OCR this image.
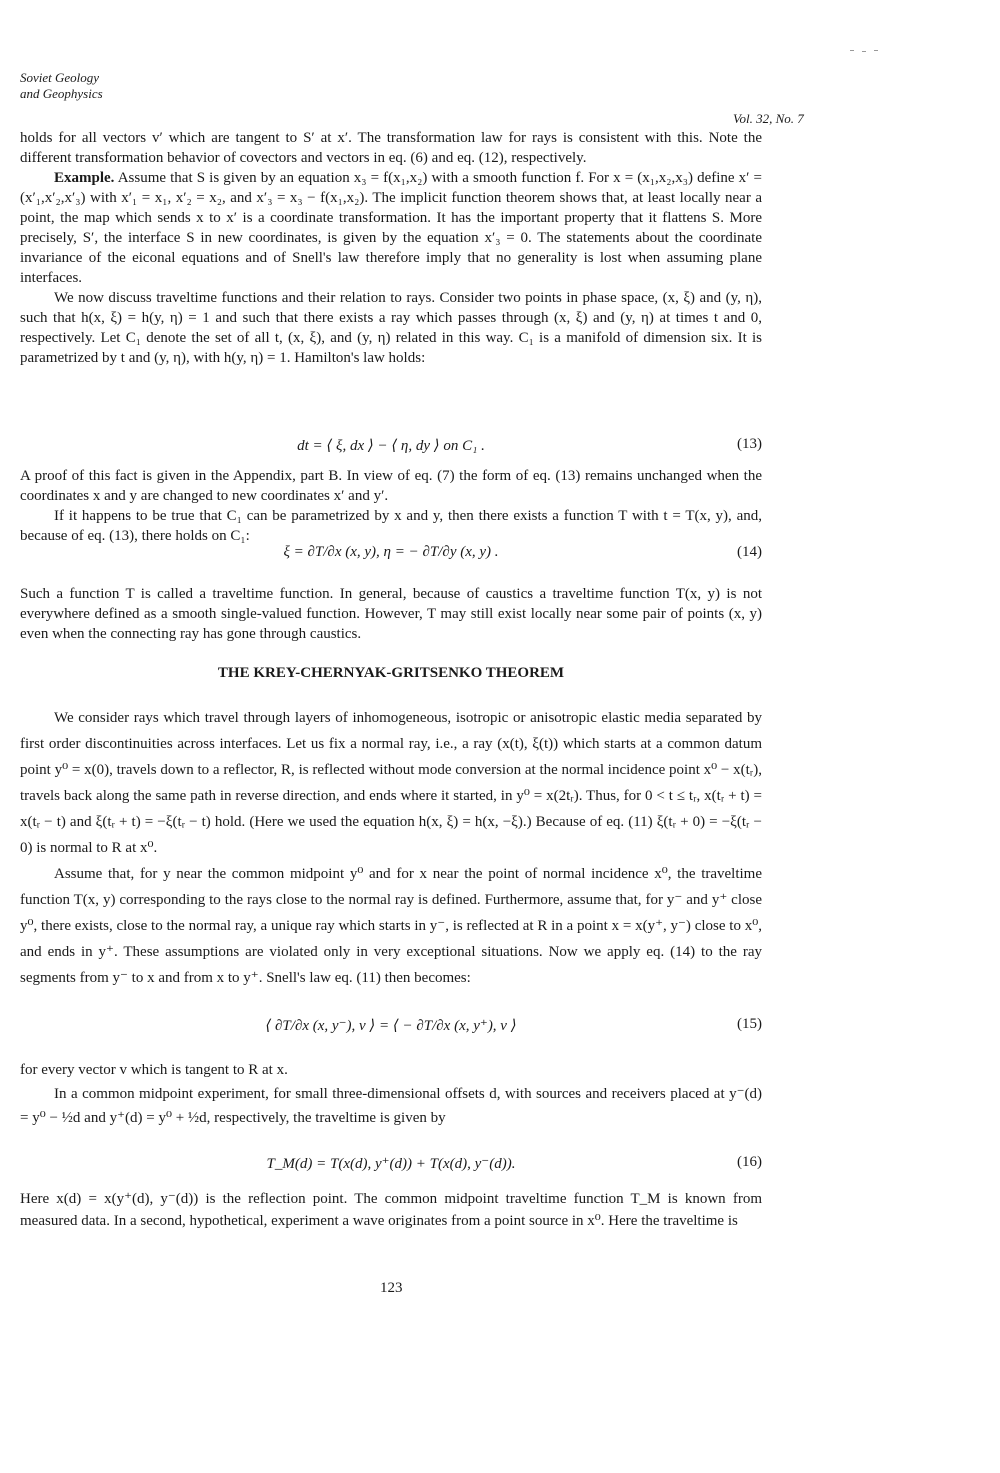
Soviet Geology
and Geophysics
Vol. 32, No. 7

holds for all vectors v′ which are tangent to S′ at x′. The transformation law for rays is consistent with this. Note the different transformation behavior of covectors and vectors in eq. (6) and eq. (12), respectively.

Example. Assume that S is given by an equation x₃ = f(x₁,x₂) with a smooth function f. For x = (x₁,x₂,x₃) define x′ = (x′₁,x′₂,x′₃) with x′₁ = x₁, x′₂ = x₂, and x′₃ = x₃ − f(x₁,x₂). The implicit function theorem shows that, at least locally near a point, the map which sends x to x′ is a coordinate transformation. It has the important property that it flattens S. More precisely, S′, the interface S in new coordinates, is given by the equation x′₃ = 0. The statements about the coordinate invariance of the eiconal equations and of Snell's law therefore imply that no generality is lost when assuming plane interfaces.

We now discuss traveltime functions and their relation to rays. Consider two points in phase space, (x, ξ) and (y, η), such that h(x, ξ) = h(y, η) = 1 and such that there exists a ray which passes through (x, ξ) and (y, η) at times t and 0, respectively. Let C₁ denote the set of all t, (x, ξ), and (y, η) related in this way. C₁ is a manifold of dimension six. It is parametrized by t and (y, η), with h(y, η) = 1. Hamilton's law holds:

dt = ⟨ ξ, dx ⟩ − ⟨ η, dy ⟩ on C₁ .	(13)

A proof of this fact is given in the Appendix, part B. In view of eq. (7) the form of eq. (13) remains unchanged when the coordinates x and y are changed to new coordinates x′ and y′.

If it happens to be true that C₁ can be parametrized by x and y, then there exists a function T with t = T(x, y), and, because of eq. (13), there holds on C₁:

ξ = ∂T/∂x (x, y), η = − ∂T/∂y (x, y) .	(14)

Such a function T is called a traveltime function. In general, because of caustics a traveltime function T(x, y) is not everywhere defined as a smooth single-valued function. However, T may still exist locally near some pair of points (x, y) even when the connecting ray has gone through caustics.

THE KREY-CHERNYAK-GRITSENKO THEOREM

We consider rays which travel through layers of inhomogeneous, isotropic or anisotropic elastic media separated by first order discontinuities across interfaces. Let us fix a normal ray, i.e., a ray (x(t), ξ(t)) which starts at a common datum point y⁰ = x(0), travels down to a reflector, R, is reflected without mode conversion at the normal incidence point x⁰ − x(tᵣ), travels back along the same path in reverse direction, and ends where it started, in y⁰ = x(2tᵣ). Thus, for 0 < t ≤ tᵣ, x(tᵣ + t) = x(tᵣ − t) and ξ(tᵣ + t) = −ξ(tᵣ − t) hold. (Here we used the equation h(x, ξ) = h(x, −ξ).) Because of eq. (11) ξ(tᵣ + 0) = −ξ(tᵣ − 0) is normal to R at x⁰.

Assume that, for y near the common midpoint y⁰ and for x near the point of normal incidence x⁰, the traveltime function T(x, y) corresponding to the rays close to the normal ray is defined. Furthermore, assume that, for y⁻ and y⁺ close y⁰, there exists, close to the normal ray, a unique ray which starts in y⁻, is reflected at R in a point x = x(y⁺, y⁻) close to x⁰, and ends in y⁺. These assumptions are violated only in very exceptional situations. Now we apply eq. (14) to the ray segments from y⁻ to x and from x to y⁺. Snell's law eq. (11) then becomes:

⟨ ∂T/∂x (x, y⁻), v ⟩ = ⟨ − ∂T/∂x (x, y⁺), v ⟩	(15)

for every vector v which is tangent to R at x.

In a common midpoint experiment, for small three-dimensional offsets d, with sources and receivers placed at y⁻(d) = y⁰ − ½d and y⁺(d) = y⁰ + ½d, respectively, the traveltime is given by

T_M(d) = T(x(d), y⁺(d)) + T(x(d), y⁻(d)).	(16)

Here x(d) = x(y⁺(d), y⁻(d)) is the reflection point. The common midpoint traveltime function T_M is known from measured data. In a second, hypothetical, experiment a wave originates from a point source in x⁰. Here the traveltime is

123
